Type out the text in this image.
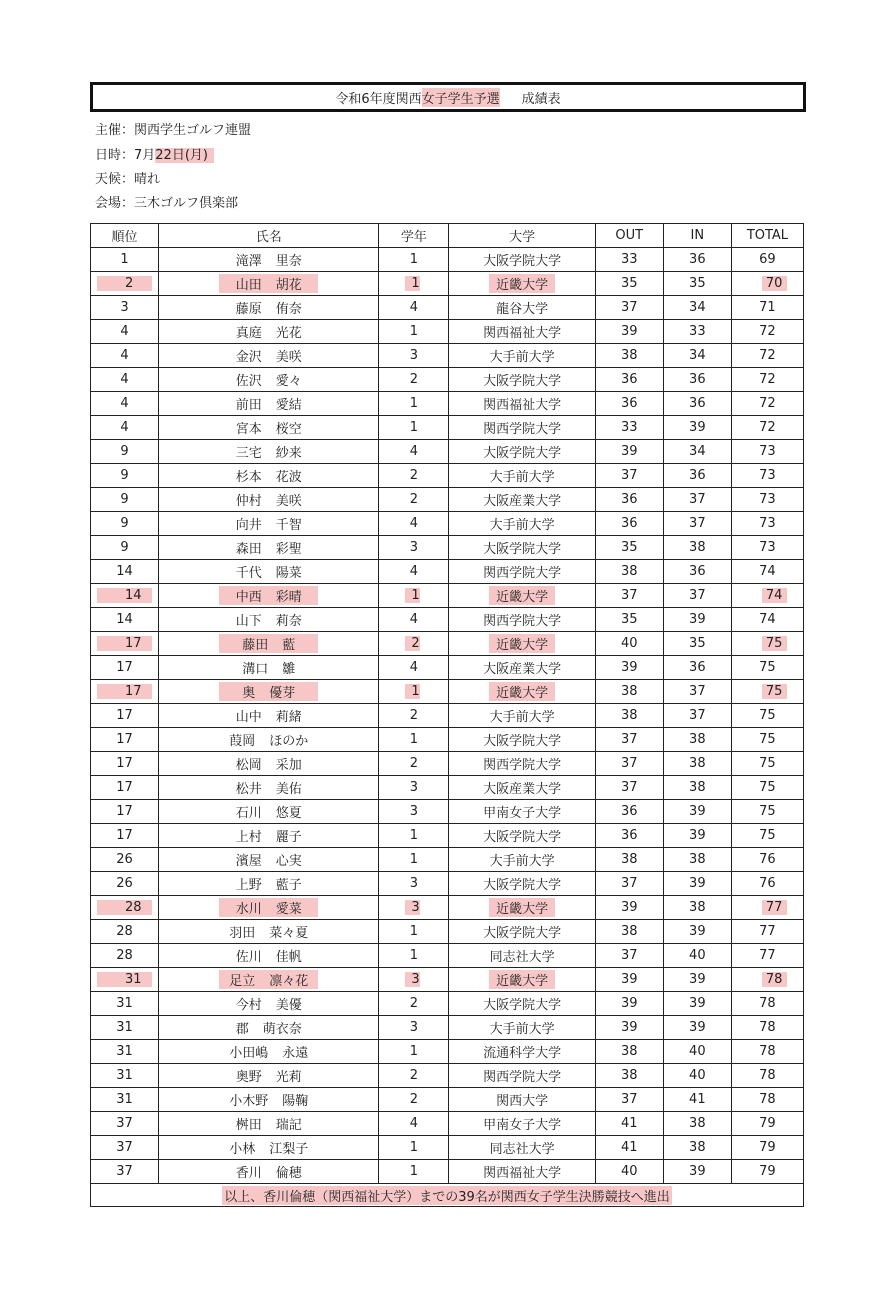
令和6年度関西 女子学生予選 成績表
主催：関西学生ゴルフ連盟
日時：7月22日(月)
天候：晴れ
会場：三木ゴルフ倶楽部
順位	氏名	学年	大学	OUT	IN	TOTAL
1	滝澤 里奈	1	大阪学院大学	33	36	69

2	山田 胡花	1	近畿大学	35	35	70

3	藤原 侑奈	4	龍谷大学	37	34	71
4	真庭 光花	1	関西福祉大学	39	33	72
4	金沢 美咲	3	大手前大学	38	34	72
4	佐沢 愛々	2	大阪学院大学	36	36	72
4	前田 愛結	1	関西福祉大学	36	36	72
4	宮本 桜空	1	関西学院大学	33	39	72
9	三宅 紗来	4	大阪学院大学	39	34	73
9	杉本 花波	2	大手前大学	37	36	73
9	仲村 美咲	2	大阪産業大学	36	37	73
9	向井 千智	4	大手前大学	36	37	73
9	森田 彩聖	3	大阪学院大学	35	38	73
14	千代 陽菜	4	関西学院大学	38	36	74

14	中西 彩晴	1	近畿大学	37	37	74

14	山下 莉奈	4	関西学院大学	35	39	74

17	藤田 藍	2	近畿大学	40	35	75

17	溝口 雛	4	大阪産業大学	39	36	75

17	奥 優芽	1	近畿大学	38	37	75

17	山中 莉緒	2	大手前大学	38	37	75
17	葭岡 ほのか	1	大阪学院大学	37	38	75
17	松岡 采加	2	関西学院大学	37	38	75
17	松井 美佑	3	大阪産業大学	37	38	75
17	石川 悠夏	3	甲南女子大学	36	39	75
17	上村 麗子	1	大阪学院大学	36	39	75
26	濱屋 心実	1	大手前大学	38	38	76
26	上野 藍子	3	大阪学院大学	37	39	76

28	水川 愛菜	3	近畿大学	39	38	77

28	羽田 菜々夏	1	大阪学院大学	38	39	77
28	佐川 佳帆	1	同志社大学	37	40	77

31	足立 凛々花	3	近畿大学	39	39	78

31	今村 美優	2	大阪学院大学	39	39	78
31	郡 萌衣奈	3	大手前大学	39	39	78
31	小田嶋 永遠	1	流通科学大学	38	40	78
31	奥野 光莉	2	関西学院大学	38	40	78
31	小木野 陽鞠	2	関西大学	37	41	78
37	桝田 瑞記	4	甲南女子大学	41	38	79
37	小林 江梨子	1	同志社大学	41	38	79
37	香川 倫穂	1	関西福祉大学	40	39	79
以上、香川倫穂（関西福祉大学）までの39名が関西女子学生決勝競技へ進出						
